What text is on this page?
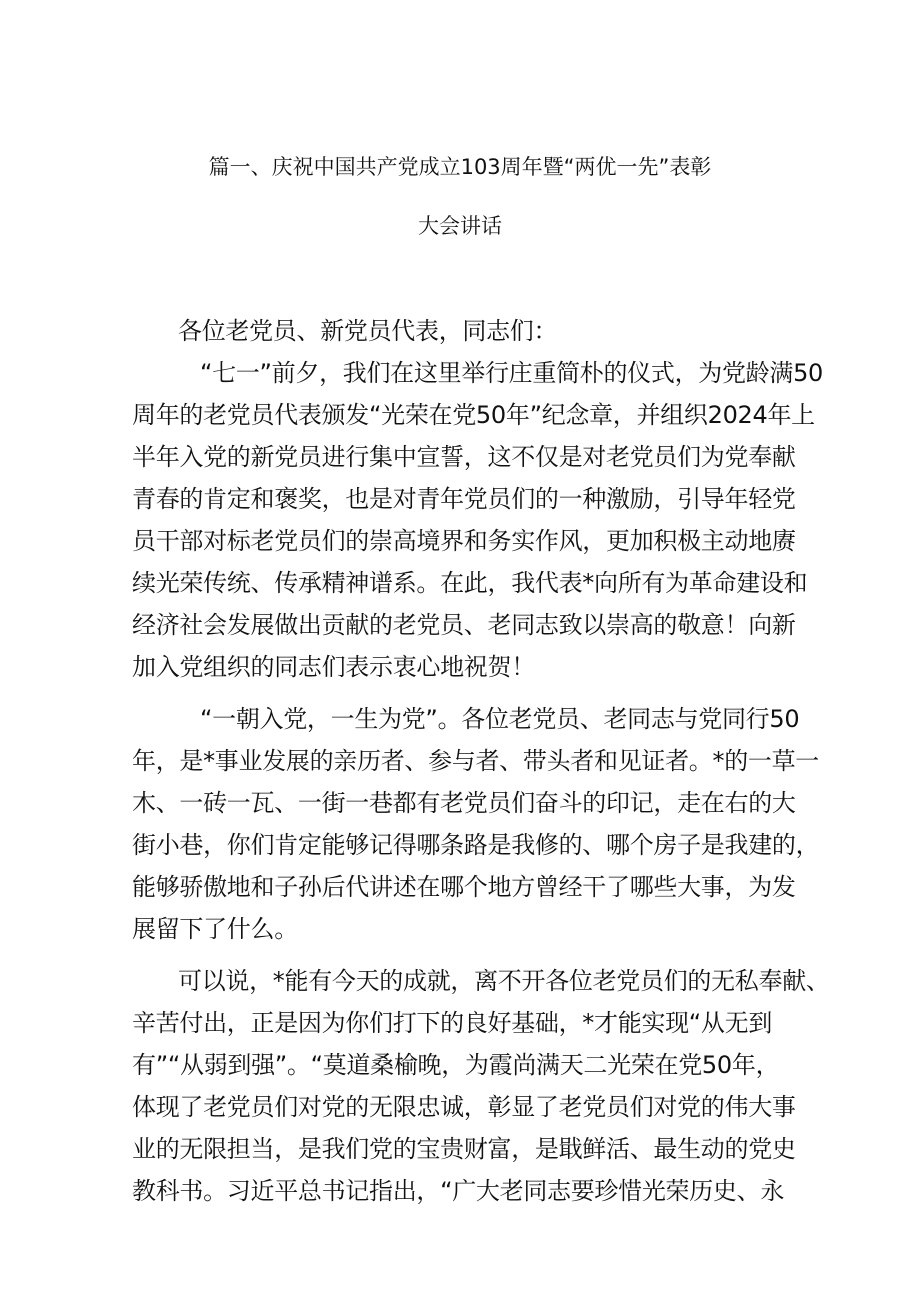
篇一、庆祝中国共产党成立103周年暨“两优一先”表彰
大会讲话
各位老党员、新党员代表，同志们：
“七一”前夕，我们在这里举行庄重简朴的仪式，为党龄满50
周年的老党员代表颁发“光荣在党50年”纪念章，并组织2024年上
半年入党的新党员进行集中宣誓，这不仅是对老党员们为党奉献
青春的肯定和褒奖，也是对青年党员们的一种激励，引导年轻党
员干部对标老党员们的崇高境界和务实作风，更加积极主动地赓
续光荣传统、传承精神谱系。在此，我代表*向所有为革命建设和
经济社会发展做出贡献的老党员、老同志致以崇高的敬意！向新
加入党组织的同志们表示衷心地祝贺！
“一朝入党，一生为党”。各位老党员、老同志与党同行50
年，是*事业发展的亲历者、参与者、带头者和见证者。*的一草一
木、一砖一瓦、一街一巷都有老党员们奋斗的印记，走在右的大
街小巷，你们肯定能够记得哪条路是我修的、哪个房子是我建的，
能够骄傲地和子孙后代讲述在哪个地方曾经干了哪些大事，为发
展留下了什么。
可以说，*能有今天的成就，离不开各位老党员们的无私奉献、
辛苦付出，正是因为你们打下的良好基础，*才能实现“从无到
有”“从弱到强”。“莫道桑榆晚，为霞尚满天二光荣在党50年，
体现了老党员们对党的无限忠诚，彰显了老党员们对党的伟大事
业的无限担当，是我们党的宝贵财富，是戢鲜活、最生动的党史
教科书。习近平总书记指出，“广大老同志要珍惜光荣历史、永
